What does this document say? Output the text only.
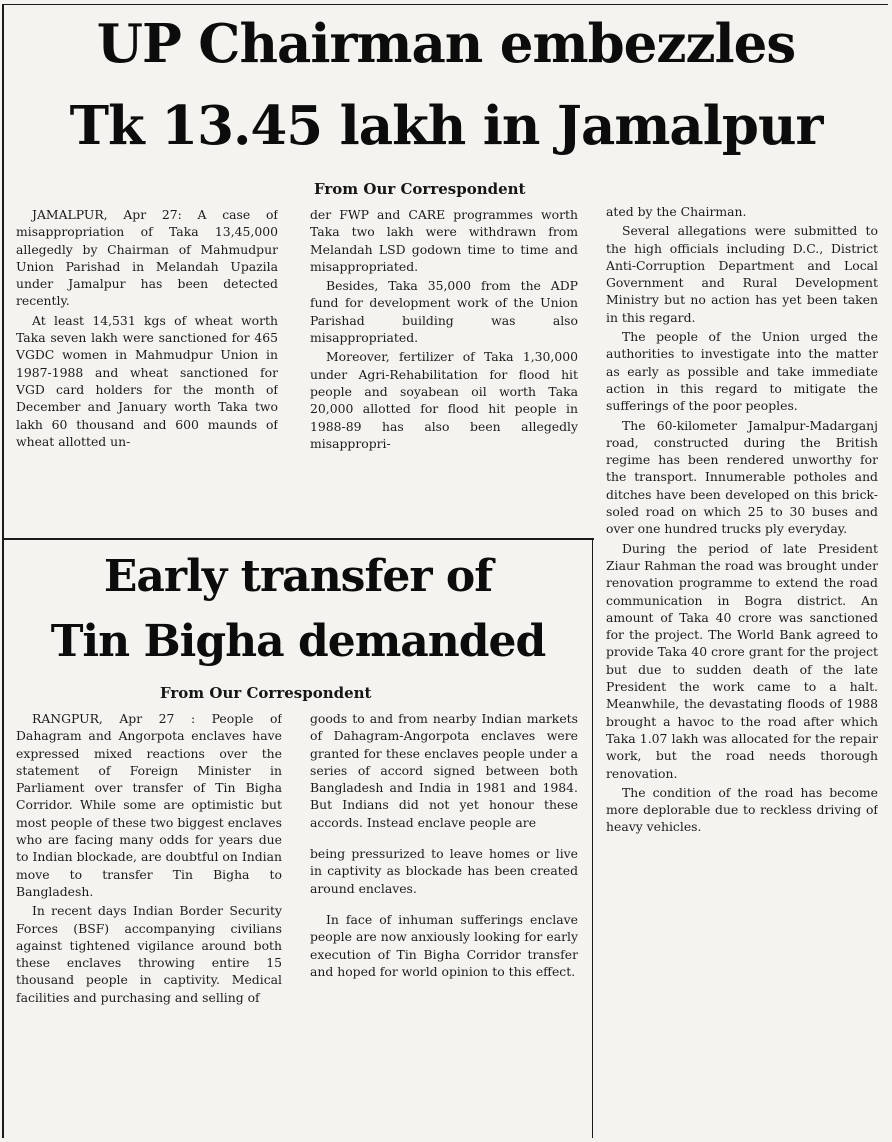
UP Chairman embezzles
Tk 13.45 lakh in Jamalpur
From Our Correspondent

JAMALPUR, Apr 27: A case of misappropriation of Taka 13,45,000 allegedly by Chairman of Mahmudpur Union Parishad in Melandah Upazila under Jamalpur has been detected recently.

At least 14,531 kgs of wheat worth Taka seven lakh were sanctioned for 465 VGDC women in Mahmudpur Union in 1987-1988 and wheat sanctioned for VGD card holders for the month of December and January worth Taka two lakh 60 thousand and 600 maunds of wheat allotted un-

der FWP and CARE programmes worth Taka two lakh were withdrawn from Melandah LSD godown time to time and misappropriated.

Besides, Taka 35,000 from the ADP fund for development work of the Union Parishad building was also misappropriated.

Moreover, fertilizer of Taka 1,30,000 under Agri-Rehabilitation for flood hit people and soyabean oil worth Taka 20,000 allotted for flood hit people in 1988-89 has also been allegedly misappropri-

ated by the Chairman.

Several allegations were submitted to the high officials including D.C., District Anti-Corruption Department and Local Government and Rural Development Ministry but no action has yet been taken in this regard.

The people of the Union urged the authorities to investigate into the matter as early as possible and take immediate action in this regard to mitigate the sufferings of the poor peoples.

The 60-kilometer Jamalpur-Madarganj road, constructed during the British regime has been rendered unworthy for the transport. Innumerable potholes and ditches have been developed on this brick-soled road on which 25 to 30 buses and over one hundred trucks ply everyday.

During the period of late President Ziaur Rahman the road was brought under renovation programme to extend the road communication in Bogra district. An amount of Taka 40 crore was sanctioned for the project. The World Bank agreed to provide Taka 40 crore grant for the project but due to sudden death of the late President the work came to a halt. Meanwhile, the devastating floods of 1988 brought a havoc to the road after which Taka 1.07 lakh was allocated for the repair work, but the road needs thorough renovation.

The condition of the road has become more deplorable due to reckless driving of heavy vehicles.

Early transfer of
Tin Bigha demanded
From Our Correspondent

RANGPUR, Apr 27 : People of Dahagram and Angorpota enclaves have expressed mixed reactions over the statement of Foreign Minister in Parliament over transfer of Tin Bigha Corridor. While some are optimistic but most people of these two biggest enclaves who are facing many odds for years due to Indian blockade, are doubtful on Indian move to transfer Tin Bigha to Bangladesh.

In recent days Indian Border Security Forces (BSF) accompanying civilians against tightened vigilance around both these enclaves throwing entire 15 thousand people in captivity. Medical facilities and purchasing and selling of

goods to and from nearby Indian markets of Dahagram-Angorpota enclaves were granted for these enclaves people under a series of accord signed between both Bangladesh and India in 1981 and 1984. But Indians did not yet honour these accords. Instead enclave people are

being pressurized to leave homes or live in captivity as blockade has been created around enclaves.

In face of inhuman sufferings enclave people are now anxiously looking for early execution of Tin Bigha Corridor transfer and hoped for world opinion to this effect.
